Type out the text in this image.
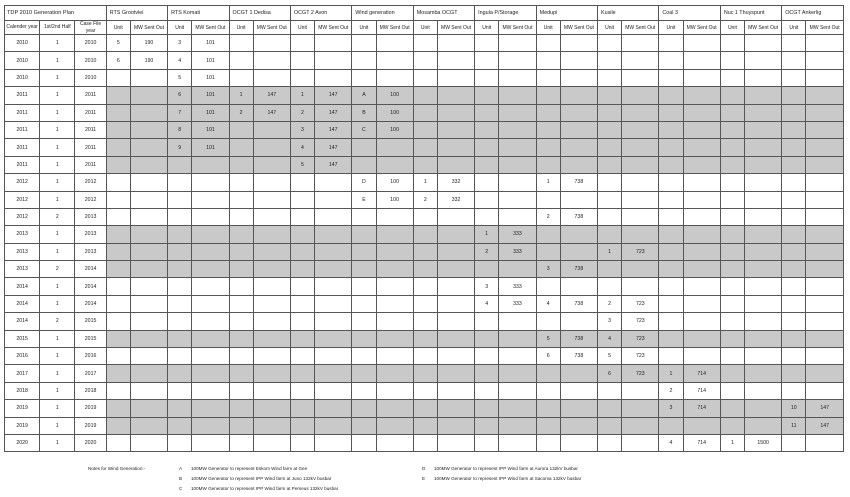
TDP 2010 Generation Plan			RTS Grootvlei		RTS Komati		OCGT 1 Dedisa		OCGT 2 Avon		Wind generation		Mosamba OCGT		Ingula P/Storage		Medupi		Kusile		Coal 3		Nuc 1 Thuyspunt		OCGT Ankerlig	
Calender year	1st/2nd Half	Case File year	Unit	MW Sent Out	Unit	MW Sent Out	Unit	MW Sent Out	Unit	MW Sent Out	Unit	MW Sent Out	Unit	MW Sent Out	Unit	MW Sent Out	Unit	MW Sent Out	Unit	MW Sent Out	Unit	MW Sent Out	Unit	MW Sent Out	Unit	MW Sent Out
2010	1	2010	5	190	3	101																				
2010	1	2010	6	190	4	101																				
2010	1	2010			5	101																				
2011	1	2011			6	101	1	147	1	147	A	100														
2011	1	2011			7	101	2	147	2	147	B	100														
2011	1	2011			8	101			3	147	C	100														
2011	1	2011			9	101			4	147																
2011	1	2011							5	147																
2012	1	2012									D	100	1	332			1	738								
2012	1	2012									E	100	2	332												
2012	2	2013															2	738								
2013	1	2013													1	333										
2013	1	2013													2	333			1	723						
2013	2	2014															3	738								
2014	1	2014													3	333										
2014	1	2014													4	333	4	738	2	723						
2014	2	2015																	3	723						
2015	1	2015															5	738	4	723						
2016	1	2016															6	738	5	723						
2017	1	2017																	6	723	1	714				
2018	1	2018																			2	714				
2019	1	2019																			3	714			10	147
2019	1	2019																							11	147
2020	1	2020																			4	714	1	1500		
Notes for Wind Generation:-	A 100MW Generator to represent Eskom Wind farm at Gee
B 100MW Generator to represent IPP Wind farm at Juno 132kV busbar
C 100MW Generator to represent IPP Wind farm at Perseus 132kV busbar
D 100MW Generator to represent IPP Wind farm at Aurora 132kV busbar
E 100MW Generator to represent IPP Wind farm at Sacoma 132kV busbar
